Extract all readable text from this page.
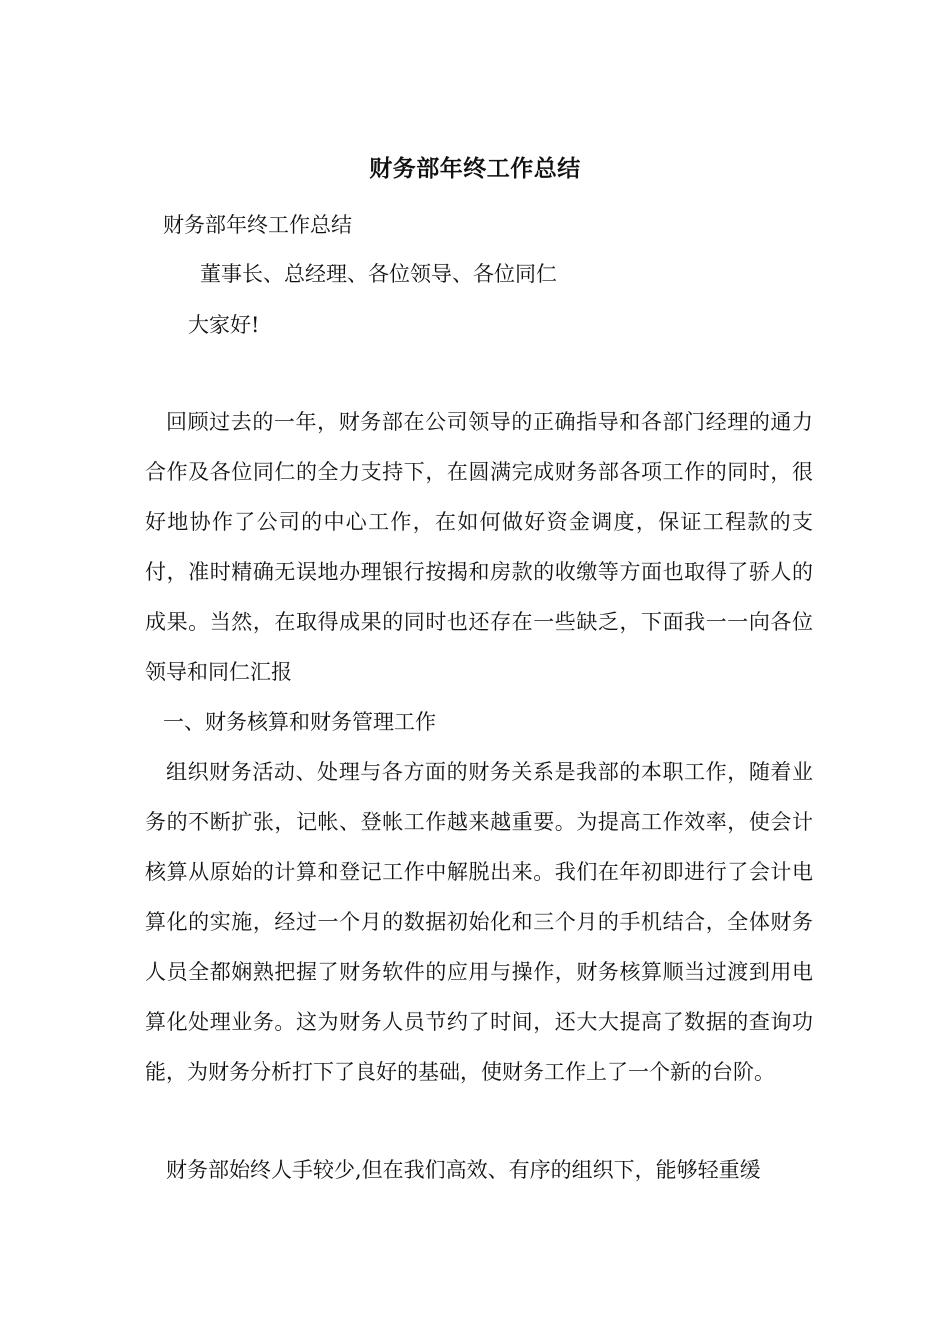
财务部年终工作总结
财务部年终工作总结
董事长、总经理、各位领导、各位同仁
大家好!

回顾过去的一年，财务部在公司领导的正确指导和各部门经理的通力合作及各位同仁的全力支持下，在圆满完成财务部各项工作的同时，很好地协作了公司的中心工作，在如何做好资金调度，保证工程款的支付，准时精确无误地办理银行按揭和房款的收缴等方面也取得了骄人的成果。当然，在取得成果的同时也还存在一些缺乏，下面我一一向各位领导和同仁汇报

一、财务核算和财务管理工作

组织财务活动、处理与各方面的财务关系是我部的本职工作，随着业务的不断扩张，记帐、登帐工作越来越重要。为提高工作效率，使会计核算从原始的计算和登记工作中解脱出来。我们在年初即进行了会计电算化的实施，经过一个月的数据初始化和三个月的手机结合，全体财务人员全都娴熟把握了财务软件的应用与操作，财务核算顺当过渡到用电算化处理业务。这为财务人员节约了时间，还大大提高了数据的查询功能，为财务分析打下了良好的基础，使财务工作上了一个新的台阶。

财务部始终人手较少,但在我们高效、有序的组织下，能够轻重缓
